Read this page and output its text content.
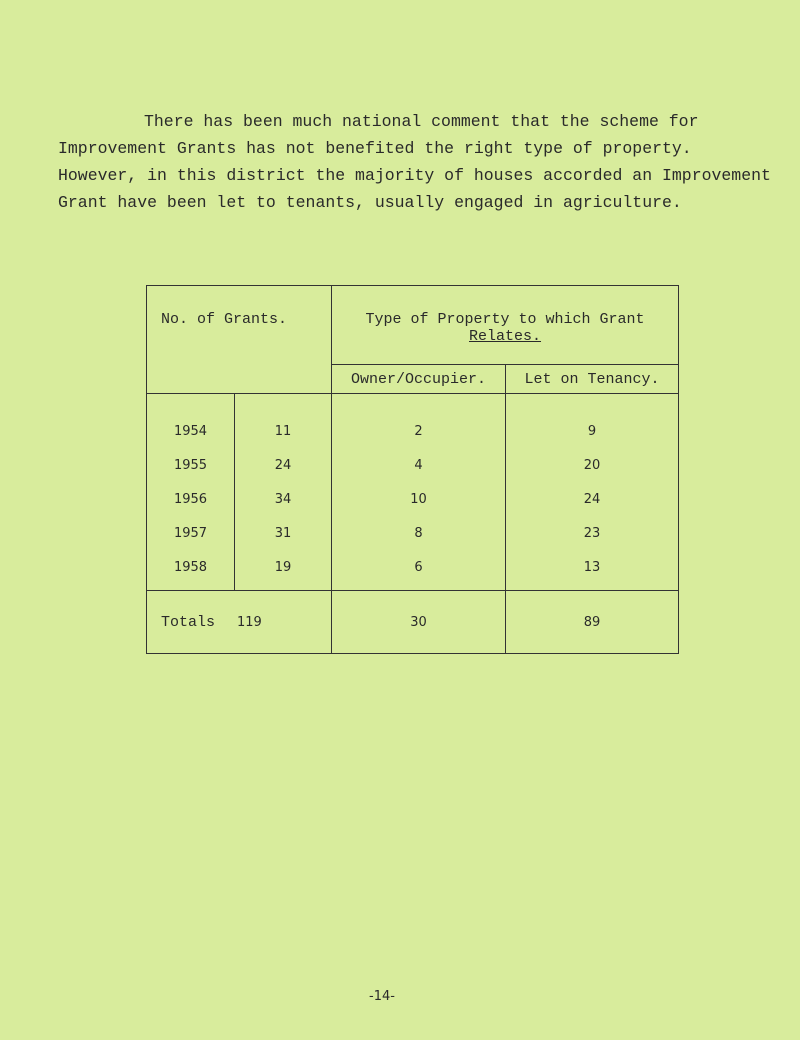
There has been much national comment that the scheme for Improvement Grants has not benefited the right type of property. However, in this district the majority of houses accorded an Improvement Grant have been let to tenants, usually engaged in agriculture.

No. of Grants.		Type of Property to which Grant
Relates.	

		Owner/Occupier.	Let on Tenancy.
1954	11	2	9
1955	24	4	20
1956	34	10	24
1957	31	8	23
1958	19	6	13

Totals 119		30	89
-14-
